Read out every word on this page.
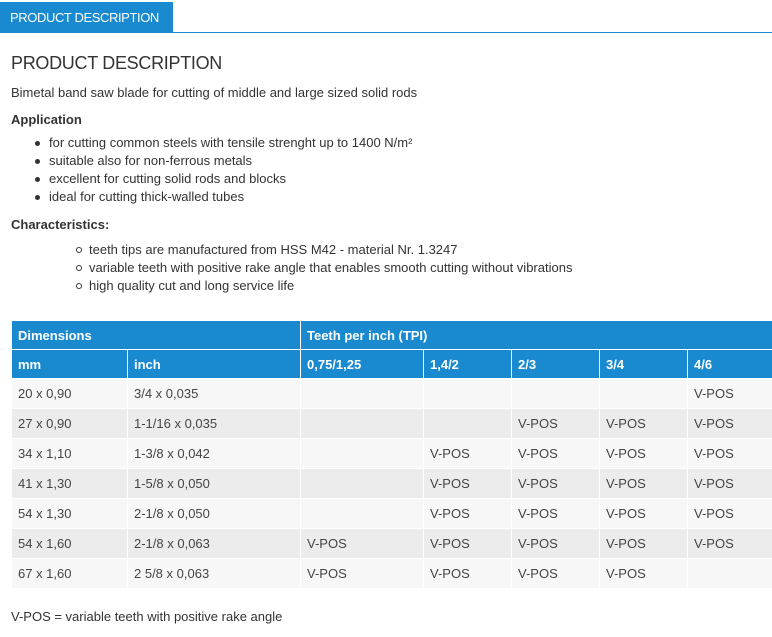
PRODUCT DESCRIPTION
PRODUCT DESCRIPTION

Bimetal band saw blade for cutting of middle and large sized solid rods

Application
for cutting common steels with tensile strenght up to 1400 N/m²
suitable also for non-ferrous metals
excellent for cutting solid rods and blocks
ideal for cutting thick-walled tubes
Characteristics:
teeth tips are manufactured from HSS M42 - material Nr. 1.3247
variable teeth with positive rake angle that enables smooth cutting without vibrations
high quality cut and long service life
Dimensions		Teeth per inch (TPI)				
mm	inch	0,75/1,25	1,4/2	2/3	3/4	4/6
20 x 0,90	3/4 x 0,035					V-POS
27 x 0,90	1-1/16 x 0,035			V-POS	V-POS	V-POS
34 x 1,10	1-3/8 x 0,042		V-POS	V-POS	V-POS	V-POS
41 x 1,30	1-5/8 x 0,050		V-POS	V-POS	V-POS	V-POS
54 x 1,30	2-1/8 x 0,050		V-POS	V-POS	V-POS	V-POS
54 x 1,60	2-1/8 x 0,063	V-POS	V-POS	V-POS	V-POS	V-POS
67 x 1,60	2 5/8 x 0,063	V-POS	V-POS	V-POS	V-POS	
V-POS = variable teeth with positive rake angle
